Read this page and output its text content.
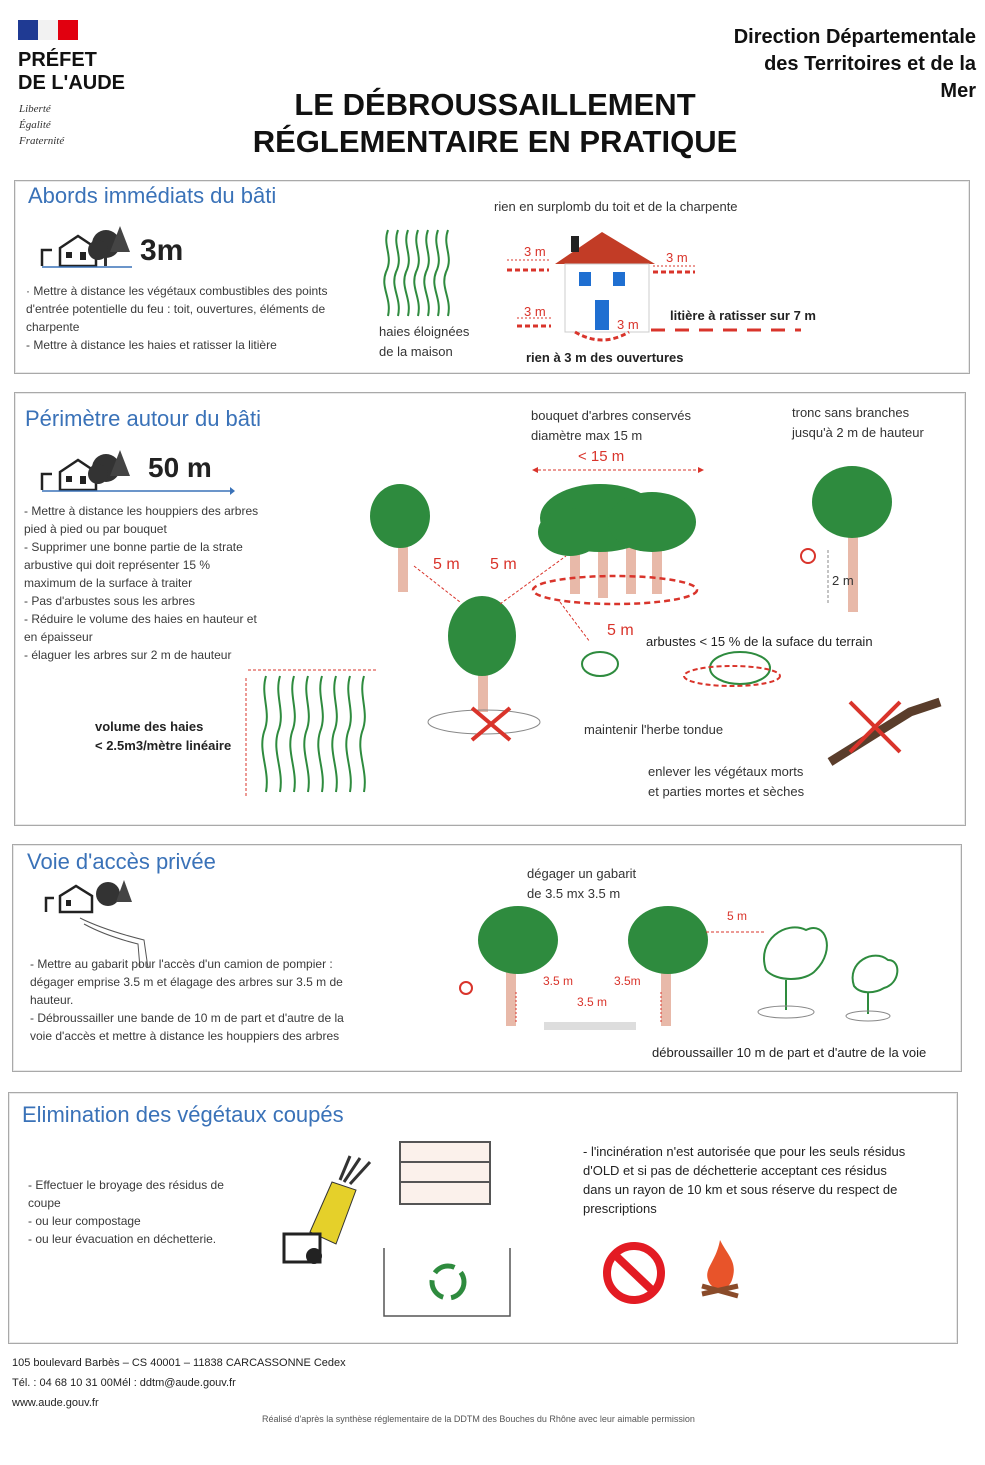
PRÉFET
DE L'AUDE
Liberté
Égalité
Fraternité
Direction Départementale
des Territoires et de la
Mer
LE DÉBROUSSAILLEMENT
RÉGLEMENTAIRE EN PRATIQUE
Abords immédiats du bâti
3m
· Mettre à distance les végétaux combustibles des points d'entrée potentielle du feu : toit, ouvertures, éléments de charpente
- Mettre à distance les haies et ratisser la litière
haies éloignées
de la maison
rien en surplomb du toit et de la charpente
3 m	3 m
3 m
3 m
litière à ratisser sur 7 m
rien à 3 m des ouvertures
Périmètre autour du bâti
50 m
- Mettre à distance les houppiers des arbres pied à pied ou par bouquet
- Supprimer une bonne partie de la strate arbustive qui doit représenter 15 % maximum de la surface à traiter
- Pas d'arbustes sous les arbres
- Réduire le volume des haies en hauteur et en épaisseur
- élaguer les arbres sur 2 m de hauteur
bouquet d'arbres conservés
diamètre max 15 m
< 15 m
tronc sans branches
jusqu'à 2 m de hauteur
5 m 5 m
2 m
5 m
arbustes < 15 % de la suface du terrain
volume des haies
< 2.5m3/mètre linéaire
maintenir l'herbe tondue
enlever les végétaux morts
et parties mortes et sèches
Voie d'accès privée
- Mettre au gabarit pour l'accès d'un camion de pompier : dégager emprise 3.5 m et élagage des arbres sur 3.5 m de hauteur.
- Débroussailler une bande de 10 m de part et d'autre de la voie d'accès et mettre à distance les houppiers des arbres
dégager un gabarit
de 3.5 mx 3.5 m
3.5 m	3.5m
3.5 m
5 m
débroussailler 10 m de part et d'autre de la voie
Elimination des végétaux coupés
- Effectuer le broyage des résidus de coupe
- ou leur compostage
- ou leur évacuation en déchetterie.
- l'incinération n'est autorisée que pour les seuls résidus d'OLD et si pas de déchetterie acceptant ces résidus dans un rayon de 10 km et sous réserve du respect de prescriptions
105 boulevard Barbès – CS 40001 – 11838 CARCASSONNE Cedex
Tél. : 04 68 10 31 00Mél : ddtm@aude.gouv.fr
www.aude.gouv.fr
Réalisé d'après la synthèse réglementaire de la DDTM des Bouches du Rhône avec leur aimable permission
